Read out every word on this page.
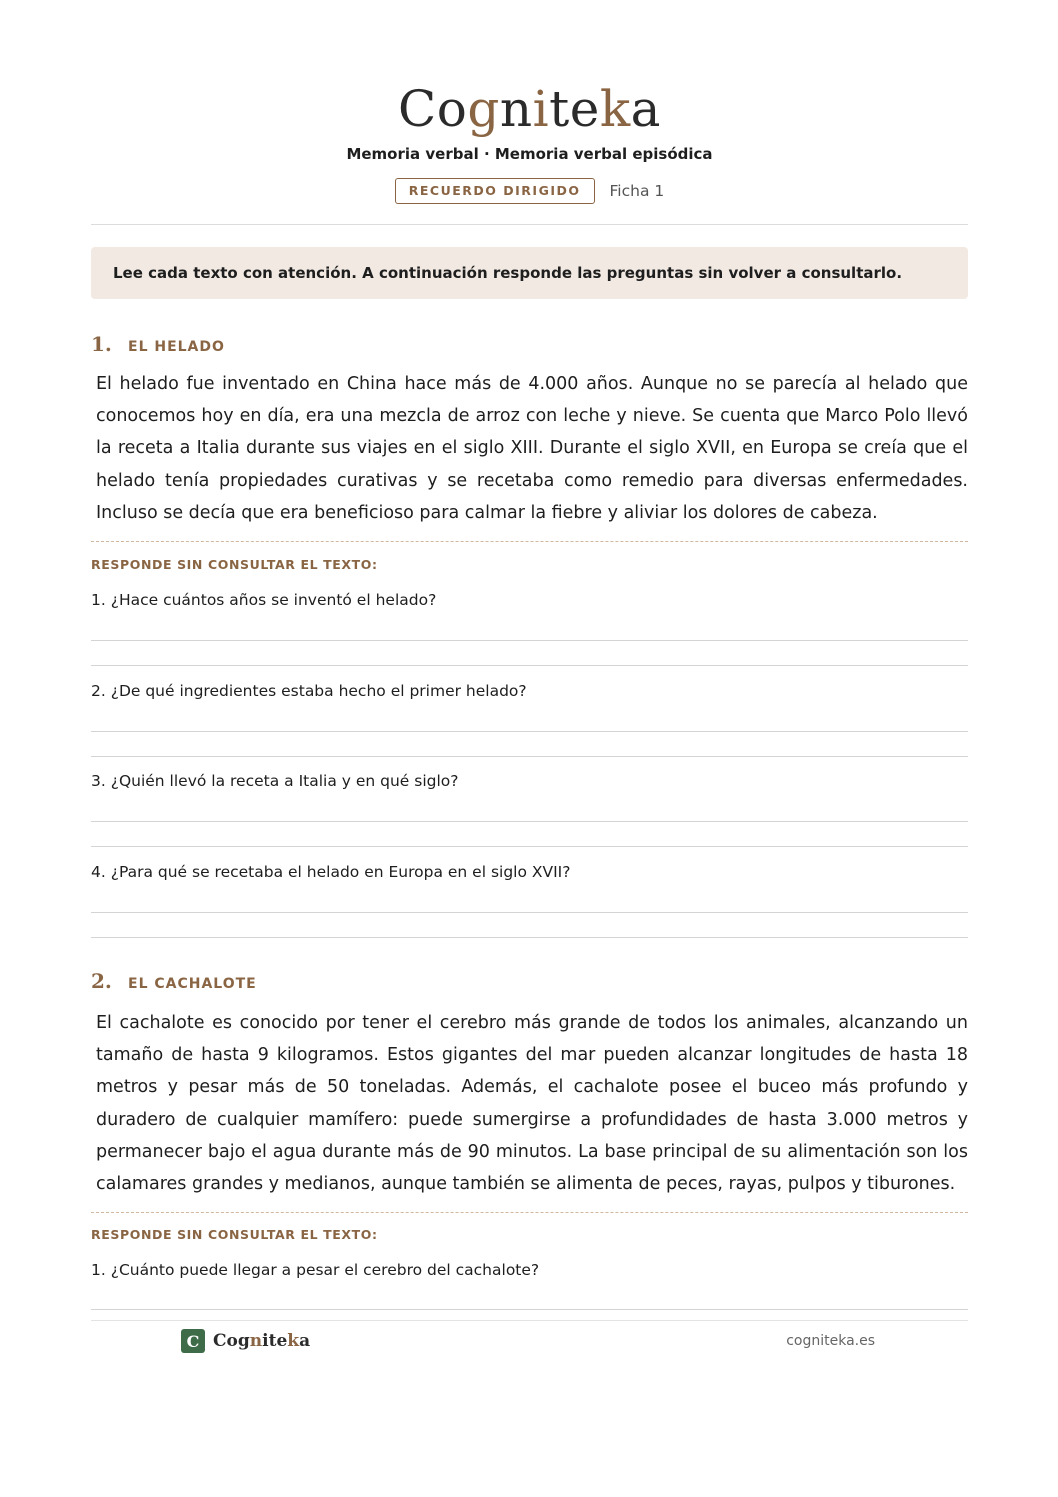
Cogniteka
Memoria verbal · Memoria verbal episódica
RECUERDO DIRIGIDO	Ficha 1
Lee cada texto con atención. A continuación responde las preguntas sin volver a consultarlo.
1.	EL HELADO
El helado fue inventado en China hace más de 4.000 años. Aunque no se parecía al helado que conocemos hoy en día, era una mezcla de arroz con leche y nieve. Se cuenta que Marco Polo llevó la receta a Italia durante sus viajes en el siglo XIII. Durante el siglo XVII, en Europa se creía que el helado tenía propiedades curativas y se recetaba como remedio para diversas enfermedades. Incluso se decía que era beneficioso para calmar la fiebre y aliviar los dolores de cabeza.
RESPONDE SIN CONSULTAR EL TEXTO:
1. ¿Hace cuántos años se inventó el helado?
2. ¿De qué ingredientes estaba hecho el primer helado?
3. ¿Quién llevó la receta a Italia y en qué siglo?
4. ¿Para qué se recetaba el helado en Europa en el siglo XVII?
2.	EL CACHALOTE
El cachalote es conocido por tener el cerebro más grande de todos los animales, alcanzando un tamaño de hasta 9 kilogramos. Estos gigantes del mar pueden alcanzar longitudes de hasta 18 metros y pesar más de 50 toneladas. Además, el cachalote posee el buceo más profundo y duradero de cualquier mamífero: puede sumergirse a profundidades de hasta 3.000 metros y permanecer bajo el agua durante más de 90 minutos. La base principal de su alimentación son los calamares grandes y medianos, aunque también se alimenta de peces, rayas, pulpos y tiburones.
RESPONDE SIN CONSULTAR EL TEXTO:
1. ¿Cuánto puede llegar a pesar el cerebro del cachalote?
C Cogniteka	cogniteka.es
